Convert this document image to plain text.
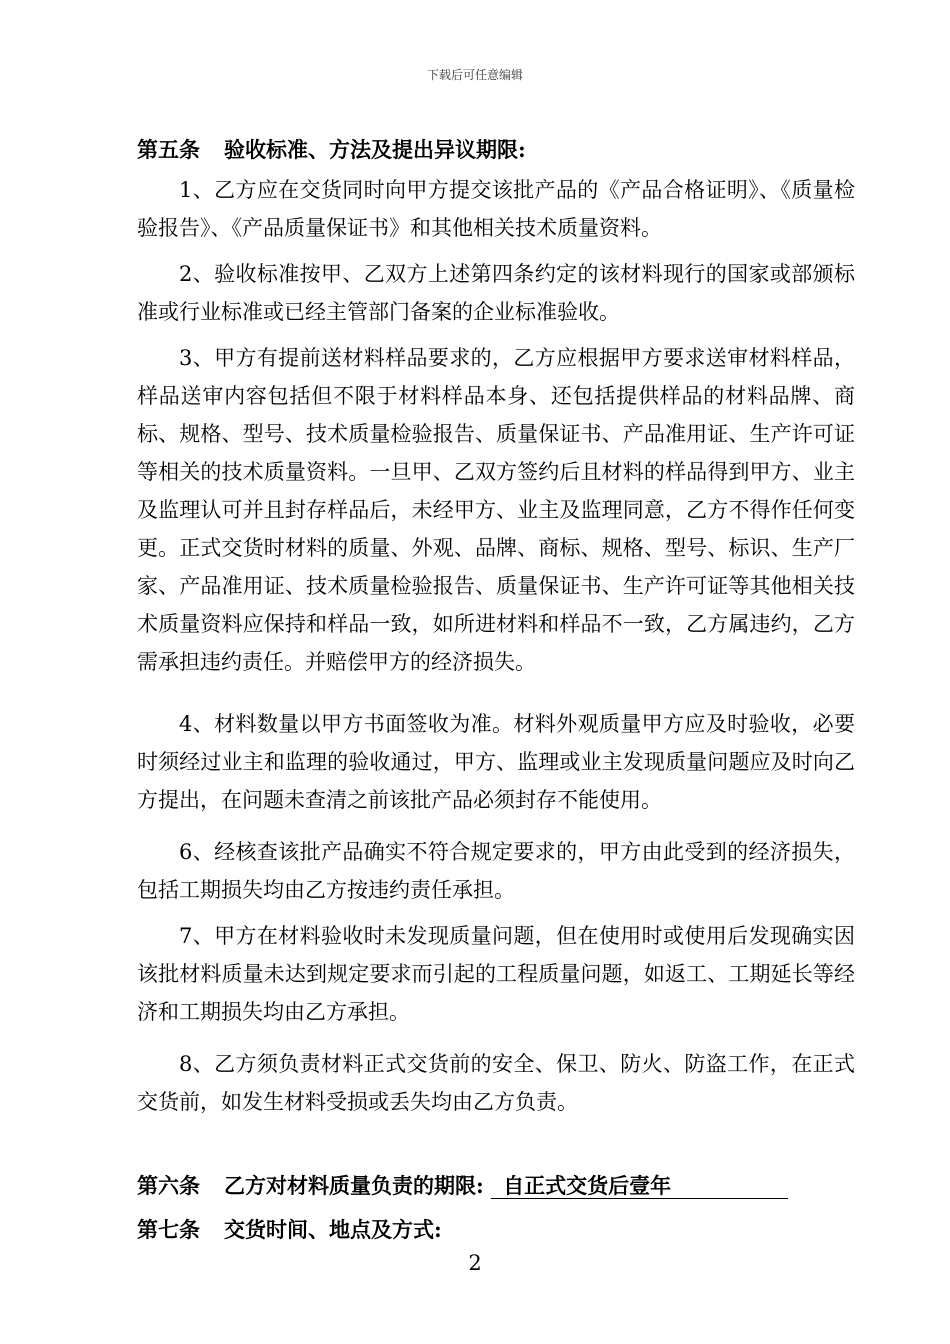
下载后可任意编辑
第五条 验收标准、方法及提出异议期限:
1、乙方应在交货同时向甲方提交该批产品的《产品合格证明》、《质量检验报告》、《产品质量保证书》和其他相关技术质量资料。
2、验收标准按甲、乙双方上述第四条约定的该材料现行的国家或部颁标准或行业标准或已经主管部门备案的企业标准验收。
3、甲方有提前送材料样品要求的，乙方应根据甲方要求送审材料样品，样品送审内容包括但不限于材料样品本身、还包括提供样品的材料品牌、商标、规格、型号、技术质量检验报告、质量保证书、产品准用证、生产许可证等相关的技术质量资料。一旦甲、乙双方签约后且材料的样品得到甲方、业主及监理认可并且封存样品后，未经甲方、业主及监理同意，乙方不得作任何变更。正式交货时材料的质量、外观、品牌、商标、规格、型号、标识、生产厂家、产品准用证、技术质量检验报告、质量保证书、生产许可证等其他相关技术质量资料应保持和样品一致，如所进材料和样品不一致，乙方属违约，乙方需承担违约责任。并赔偿甲方的经济损失。
4、材料数量以甲方书面签收为准。材料外观质量甲方应及时验收，必要时须经过业主和监理的验收通过，甲方、监理或业主发现质量问题应及时向乙方提出，在问题未查清之前该批产品必须封存不能使用。
6、经核查该批产品确实不符合规定要求的，甲方由此受到的经济损失，包括工期损失均由乙方按违约责任承担。
7、甲方在材料验收时未发现质量问题，但在使用时或使用后发现确实因该批材料质量未达到规定要求而引起的工程质量问题，如返工、工期延长等经济和工期损失均由乙方承担。
8、乙方须负责材料正式交货前的安全、保卫、防火、防盗工作，在正式交货前，如发生材料受损或丢失均由乙方负责。
第六条 乙方对材料质量负责的期限: 自正式交货后壹年
第七条 交货时间、地点及方式:
2
